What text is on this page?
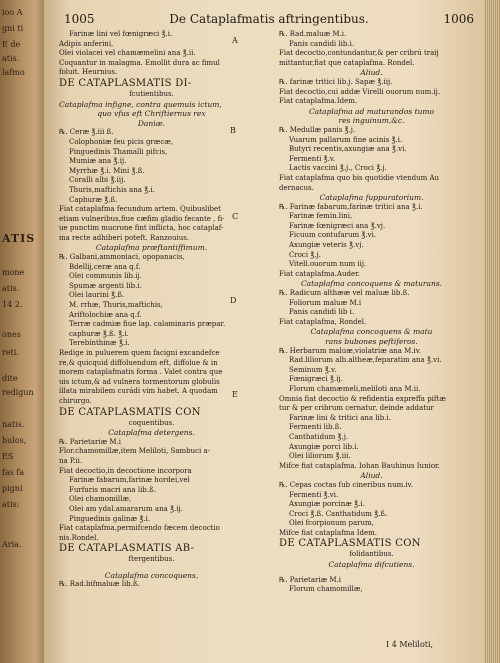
ioo A
gni ti
E de
atis.
lafmo
ATIS
mone
atis.
14 2.
ones
reti.
dite
redigun
natis.
bulos,
ES
fas fa
pigni
atis:
Aria.
1005	De Cataplafmatis aftringentibus.	1006
Farinæ lini vel fœnigræci ℥.i.
Adipis anferini,
Olei violacei vel chamæmelini ana ℥.ii.
Coquantur in malagma. Emollit dura ac fimul
foluit. Heurnius.
DE CATAPLASMATIS DI-
fcutientibus.
Cataplafma infigne, contra quemuis ictum,
quo vfus eft Chriftiernus rex
Daniæ.
℞. Ceræ ℥.iii ß.
Colophoniæ feu picis græcæ,
Pinguedinis Thamalli pifcis,
Mumiæ ana ℥.ij.
Myrrhæ ℥.i. Mini ℥.ß.
Coralli albi ℥.iij.
Thuris,maftichis ana ℥.i.
Caphuræ ℥.ß.
Fiat cataplafma fecundum artem. Quibuslibet
etiam vulneribus,fiue cæfim gladio fecante , fi-
ue punctim mucrone fint inflicta, hoc cataplaf-
ma recte adhiberi poteft. Ranzouius.
Cataplafma præftantiffimum.
℞. Galbani,ammoniaci, opopanacis,
Bdellij,ceræ ana q.f.
Olei communis lib.ij.
Spumæ argenti lib.i.
Olei laurini ℥.ß.
M. rrhæ, Thuris,maftichis,
Ariftolochiæ ana q.f.
Terræ cadmiæ fiue lap. calaminaris præpar.
caphuræ ℥.ß. ℥.i.
Terebinthinæ ℥.i.
Redige in puluerem quem facigni excandefce
re,& quicquid diffoluendum eft, diffolue & in
morem cataplafmatis forma . Valet contra que
uis ictum,& ad vulnera tormentorum globulis
illata mirabilem curádi vim habet. A quodam
chirurgo.
DE CATAPLASMATIS CON
coquentibus.
Cataplafma detergens.
℞. Parietariæ M.i
Flor.chamomillæ,item Meliloti, Sambuci a-
na P.ii.
Fiat decoctio,in decoctione incorpora
Farinæ fabarum,farinæ hordei,vel
Furfuris macri ana lib.ß.
Olei chamomillæ,
Olei am ydal.amararum ana ℥.ij.
Pinguedinis galinæ ℥.i.
Fiat cataplafma,permifcendo fæcem decoctio
nis.Rondel.
DE CATAPLASMATIS AB-
ftergentibus.
Cataplafma concoquens,
℞. Rad.bifmaluæ lib.ß.
℞. Rad.maluæ M.i.
Panis candidi lib.i.
Fiat decoctio,contundantur,& per cribrú traij
mittantur,fiat que cataplafma. Rondel.
Aliud.
℞. farinæ tritici lib.j. Sapæ ℥.iij.
Fiat decoctio,cui addæ Virelli ouorum num.ij.
Fiat cataplafma.Idem.
Cataplafma ad maturandos tumo
res inguinum,&c.
℞. Medullæ panis ℥.j.
Vuarum pallarum fine acinis ℥.i.
Butyri recentis,axungiæ ana ℥.vi.
Fermenti ℥.v.
Lactis vaccini ℥.j., Croci ℥.j.
Fiat cataplafma quo bis quotidie vtendum Au
dernacus.
Cataplafma fuppuratorium.
℞. Farinæ fabarum,farinæ tritici ana ℥.i.
Farinæ femin.lini,
Farinæ fœnigræci ana ℥.vj.
Ficuum contufarum ℥.vi.
Axungiæ veteris ℥.vj.
Croci ℥.j.
Vitell.ouorum num iij.
Fiat cataplafma.Auder.
Cataplafma concoquens & maturans.
℞. Radicum althææ vel maluæ lib.ß.
Foliorum maluæ M.i
Panis candidi lib i.
Fiat cataplafma, Rondel.
Cataplafma concoquens & matu
rans bubones peftiferos.
℞. Herbarum maluæ,violatriæ ana M.iv.
Rad.liliorum alb.altheæ,feparatim ana ℥.vi.
Seminum ℥.v.
Fœnigræci ℥.ij.
Florum chamæmeli,meliloti ana M.ii.
Omnia fiat decoctio & refidentia expreffa piftæ
tur & per cribrum cernatur, deinde addatur
Farinæ lini & tritici ana lib.i.
Fermenti lib.ß.
Canthatidum ℥.j.
Axungiæ porci lib.i.
Olei liliorum ℥.iii.
Mifce fiat cataplafma. Iohan Bauhinus Iunior.
Aliud.
℞. Cepas coctas fub cineribus num.iv.
Fermenti ℥.vi.
Axungiæ porcinæ ℥.i.
Croci ℥.ß. Canthatidum ℥.ß.
Olei fcorpionum parum,
Mifce fiat cataplafma Idem.
DE CATAPLASMATIS CON
folidantibus.
Cataplafma difcutiens.
℞. Parietariæ M.i
Florum chamomillæ,
A
B
C
D
E
I 4 Meliloti,
